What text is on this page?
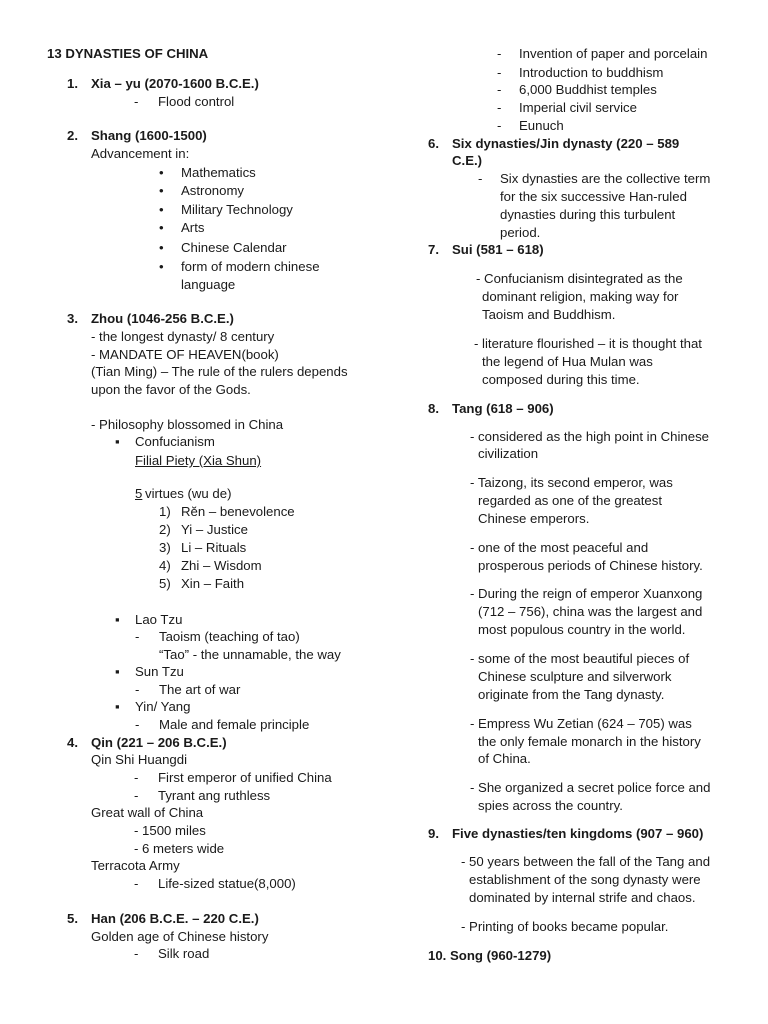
13 DYNASTIES OF CHINA
1. Xia – yu (2070-1600 B.C.E.)
- Flood control
2. Shang (1600-1500)
Advancement in:
• Mathematics
• Astronomy
• Military Technology
• Arts
• Chinese Calendar
• form of modern chinese
language
3. Zhou (1046-256 B.C.E.)
- the longest dynasty/ 8 century
- MANDATE OF HEAVEN(book)
(Tian Ming) – The rule of the rulers depends
upon the favor of the Gods.
- Philosophy blossomed in China
▪ Confucianism
Filial Piety (Xia Shun)
5 virtues (wu de)
1) Rĕn – benevolence
2) Yi – Justice
3) Li – Rituals
4) Zhi – Wisdom
5) Xin – Faith
▪ Lao Tzu
- Taoism (teaching of tao)
“Tao” - the unnamable, the way
▪ Sun Tzu
- The art of war
▪ Yin/ Yang
- Male and female principle
4. Qin (221 – 206 B.C.E.)
Qin Shi Huangdi
- First emperor of unified China
- Tyrant ang ruthless
Great wall of China
- 1500 miles
- 6 meters wide
Terracota Army
- Life-sized statue(8,000)
5. Han (206 B.C.E. – 220 C.E.)
Golden age of Chinese history
- Silk road
- Invention of paper and porcelain
- Introduction to buddhism
- 6,000 Buddhist temples
- Imperial civil service
- Eunuch
6. Six dynasties/Jin dynasty (220 – 589
C.E.)
- Six dynasties are the collective term
for the six successive Han-ruled
dynasties during this turbulent
period.
7. Sui (581 – 618)
- Confucianism disintegrated as the
dominant religion, making way for
Taoism and Buddhism.
- literature flourished – it is thought that
the legend of Hua Mulan was
composed during this time.
8. Tang (618 – 906)
- considered as the high point in Chinese
civilization
- Taizong, its second emperor, was
regarded as one of the greatest
Chinese emperors.
- one of the most peaceful and
prosperous periods of Chinese history.
- During the reign of emperor Xuanxong
(712 – 756), china was the largest and
most populous country in the world.
- some of the most beautiful pieces of
Chinese sculpture and silverwork
originate from the Tang dynasty.
- Empress Wu Zetian (624 – 705) was
the only female monarch in the history
of China.
- She organized a secret police force and
spies across the country.
9. Five dynasties/ten kingdoms (907 – 960)
- 50 years between the fall of the Tang and
establishment of the song dynasty were
dominated by internal strife and chaos.
- Printing of books became popular.
10. Song (960-1279)
